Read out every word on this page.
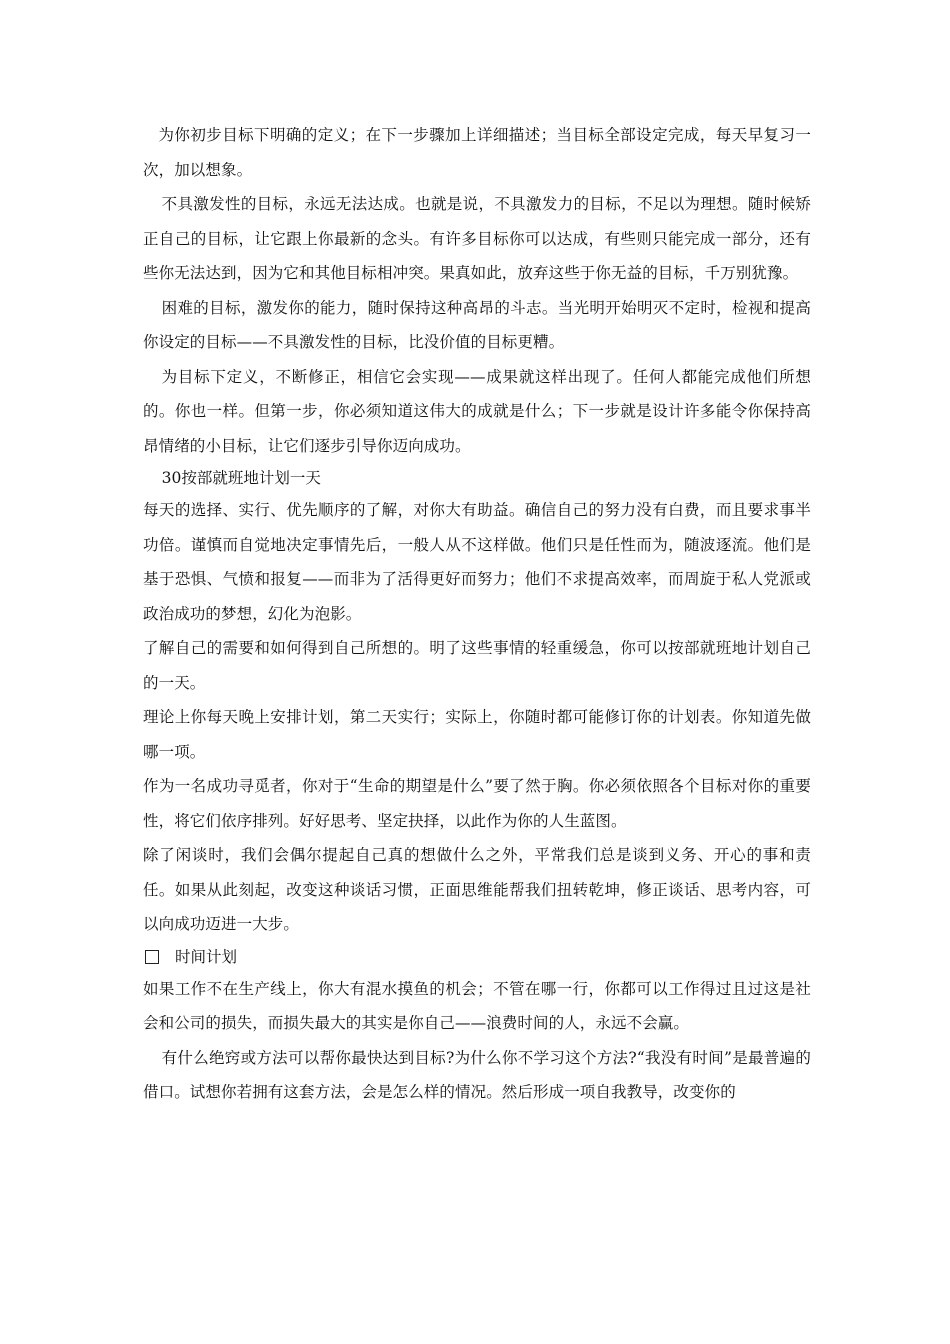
为你初步目标下明确的定义；在下一步骤加上详细描述；当目标全部设定完成，每天早复习一次，加以想象。

不具激发性的目标，永远无法达成。也就是说，不具激发力的目标，不足以为理想。随时候矫正自己的目标，让它跟上你最新的念头。有许多目标你可以达成，有些则只能完成一部分，还有些你无法达到，因为它和其他目标相冲突。果真如此，放弃这些于你无益的目标，千万别犹豫。

困难的目标，激发你的能力，随时保持这种高昂的斗志。当光明开始明灭不定时，检视和提高你设定的目标——不具激发性的目标，比没价值的目标更糟。

为目标下定义，不断修正，相信它会实现——成果就这样出现了。任何人都能完成他们所想的。你也一样。但第一步，你必须知道这伟大的成就是什么；下一步就是设计许多能令你保持高昂情绪的小目标，让它们逐步引导你迈向成功。

30按部就班地计划一天

每天的选择、实行、优先顺序的了解，对你大有助益。确信自己的努力没有白费，而且要求事半功倍。谨慎而自觉地决定事情先后，一般人从不这样做。他们只是任性而为，随波逐流。他们是基于恐惧、气愤和报复——而非为了活得更好而努力；他们不求提高效率，而周旋于私人党派或政治成功的梦想，幻化为泡影。

了解自己的需要和如何得到自己所想的。明了这些事情的轻重缓急，你可以按部就班地计划自己的一天。

理论上你每天晚上安排计划，第二天实行；实际上，你随时都可能修订你的计划表。你知道先做哪一项。

作为一名成功寻觅者，你对于“生命的期望是什么”要了然于胸。你必须依照各个目标对你的重要性，将它们依序排列。好好思考、坚定抉择，以此作为你的人生蓝图。

除了闲谈时，我们会偶尔提起自己真的想做什么之外，平常我们总是谈到义务、开心的事和责任。如果从此刻起，改变这种谈话习惯，正面思维能帮我们扭转乾坤，修正谈话、思考内容，可以向成功迈进一大步。

时间计划

如果工作不在生产线上，你大有混水摸鱼的机会；不管在哪一行，你都可以工作得过且过这是社会和公司的损失，而损失最大的其实是你自己——浪费时间的人，永远不会赢。

有什么绝窍或方法可以帮你最快达到目标?为什么你不学习这个方法?“我没有时间”是最普遍的借口。试想你若拥有这套方法，会是怎么样的情况。然后形成一项自我教导，改变你的
